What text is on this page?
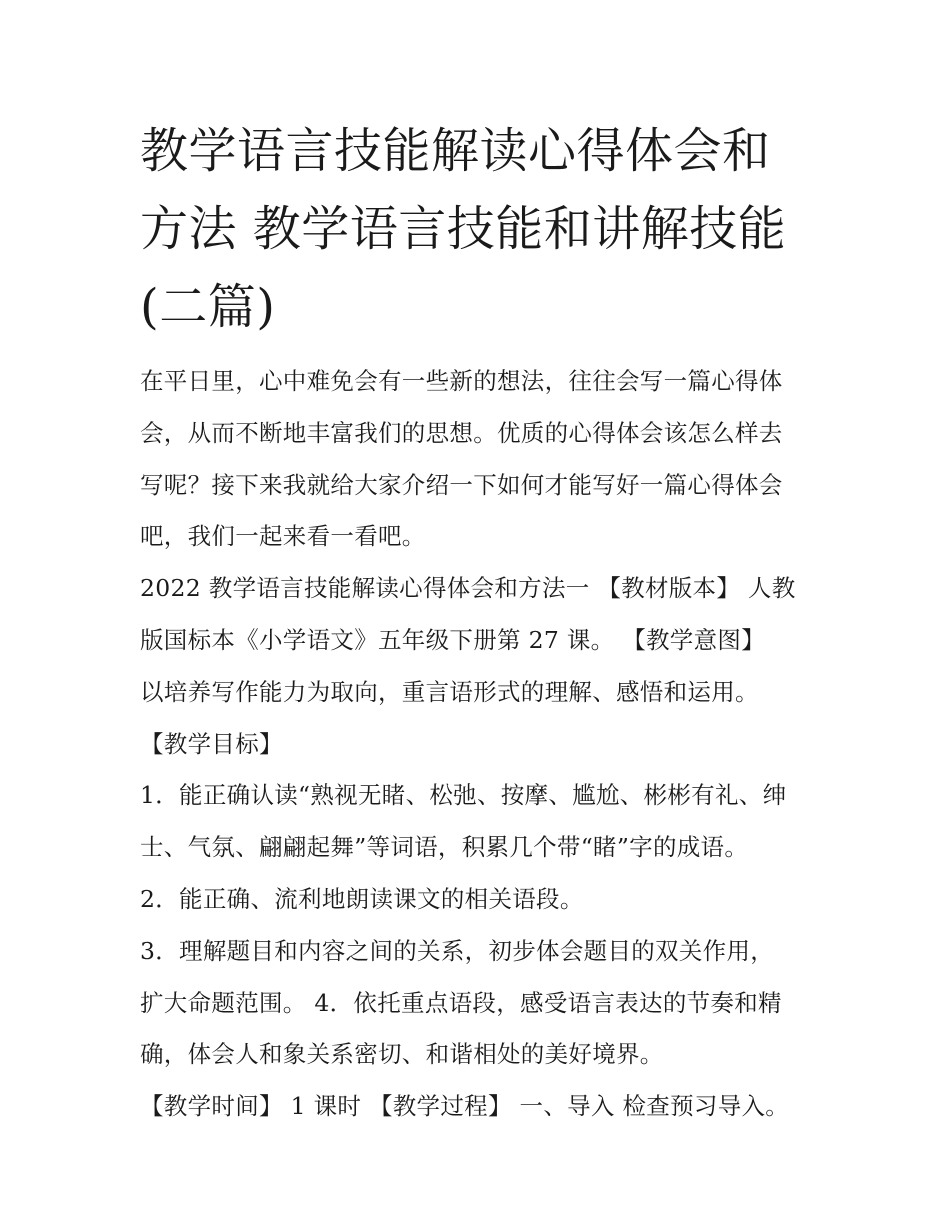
教学语言技能解读心得体会和
方法 教学语言技能和讲解技能
(二篇)
在平日里，心中难免会有一些新的想法，往往会写一篇心得体
会，从而不断地丰富我们的思想。优质的心得体会该怎么样去
写呢？接下来我就给大家介绍一下如何才能写好一篇心得体会
吧，我们一起来看一看吧。
2022 教学语言技能解读心得体会和方法一 【教材版本】 人教
版国标本《小学语文》五年级下册第 27 课。 【教学意图】
以培养写作能力为取向，重言语形式的理解、感悟和运用。
【教学目标】
1．能正确认读“熟视无睹、松弛、按摩、尴尬、彬彬有礼、绅
士、气氛、翩翩起舞”等词语，积累几个带“睹”字的成语。
2．能正确、流利地朗读课文的相关语段。
3．理解题目和内容之间的关系，初步体会题目的双关作用，
扩大命题范围。 4．依托重点语段，感受语言表达的节奏和精
确，体会人和象关系密切、和谐相处的美好境界。
【教学时间】 1 课时 【教学过程】 一、导入 检查预习导入。
